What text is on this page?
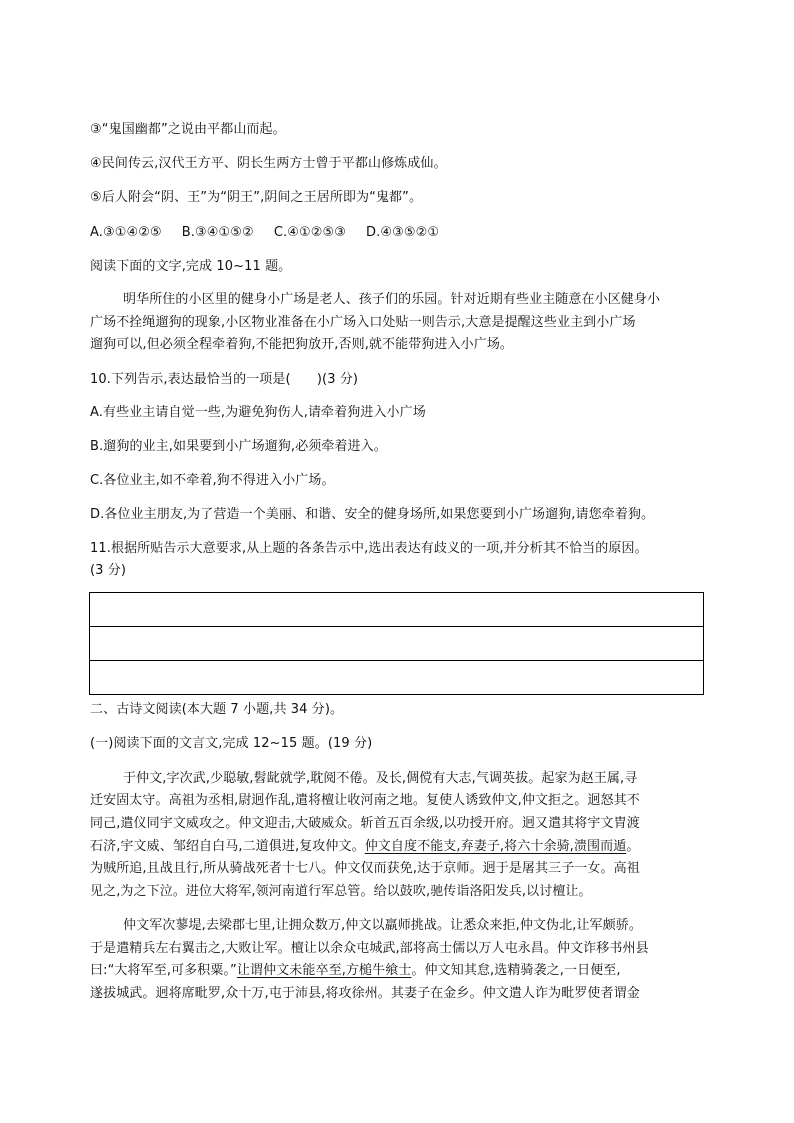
③“鬼国幽都”之说由平都山而起。
④民间传云,汉代王方平、阴长生两方士曾于平都山修炼成仙。
⑤后人附会“阴、王”为“阴王”,阴间之王居所即为“鬼都”。
A.③①④②⑤ B.③④①⑤② C.④①②⑤③ D.④③⑤②①
阅读下面的文字,完成 10~11 题。
明华所住的小区里的健身小广场是老人、孩子们的乐园。针对近期有些业主随意在小区健身小
广场不拴绳遛狗的现象,小区物业准备在小广场入口处贴一则告示,大意是提醒这些业主到小广场
遛狗可以,但必须全程牵着狗,不能把狗放开,否则,就不能带狗进入小广场。
10.下列告示,表达最恰当的一项是(　　)(3 分)
A.有些业主请自觉一些,为避免狗伤人,请牵着狗进入小广场
B.遛狗的业主,如果要到小广场遛狗,必须牵着进入。
C.各位业主,如不牵着,狗不得进入小广场。
D.各位业主朋友,为了营造一个美丽、和谐、安全的健身场所,如果您要到小广场遛狗,请您牵着狗。
11.根据所贴告示大意要求,从上题的各条告示中,选出表达有歧义的一项,并分析其不恰当的原因。
(3 分)
二、古诗文阅读(本大题 7 小题,共 34 分)。
(一)阅读下面的文言文,完成 12~15 题。(19 分)
于仲文,字次武,少聪敏,髫龀就学,耽阅不倦。及长,倜傥有大志,气调英拔。起家为赵王属,寻
迁安固太守。高祖为丞相,尉迥作乱,遣将檀让收河南之地。复使人诱致仲文,仲文拒之。迥怒其不
同己,遣仪同宇文威攻之。仲文迎击,大破威众。斩首五百余级,以功授开府。迥又遣其将宇文胄渡
石济,宇文威、邹绍自白马,二道俱进,复攻仲文。仲文自度不能支,弃妻子,将六十余骑,溃围而遁。
为贼所追,且战且行,所从骑战死者十七八。仲文仅而获免,达于京师。迥于是屠其三子一女。高祖
见之,为之下泣。进位大将军,领河南道行军总管。给以鼓吹,驰传诣洛阳发兵,以讨檀让。
仲文军次蓼堤,去梁郡七里,让拥众数万,仲文以羸师挑战。让悉众来拒,仲文伪北,让军颇骄。
于是遣精兵左右翼击之,大败让军。檀让以余众屯城武,部将高士儒以万人屯永昌。仲文诈移书州县
曰:“大将军至,可多积粟。”让谓仲文未能卒至,方槌牛飨士。仲文知其怠,选精骑袭之,一日便至,
遂拔城武。迥将席毗罗,众十万,屯于沛县,将攻徐州。其妻子在金乡。仲文遣人诈为毗罗使者谓金
